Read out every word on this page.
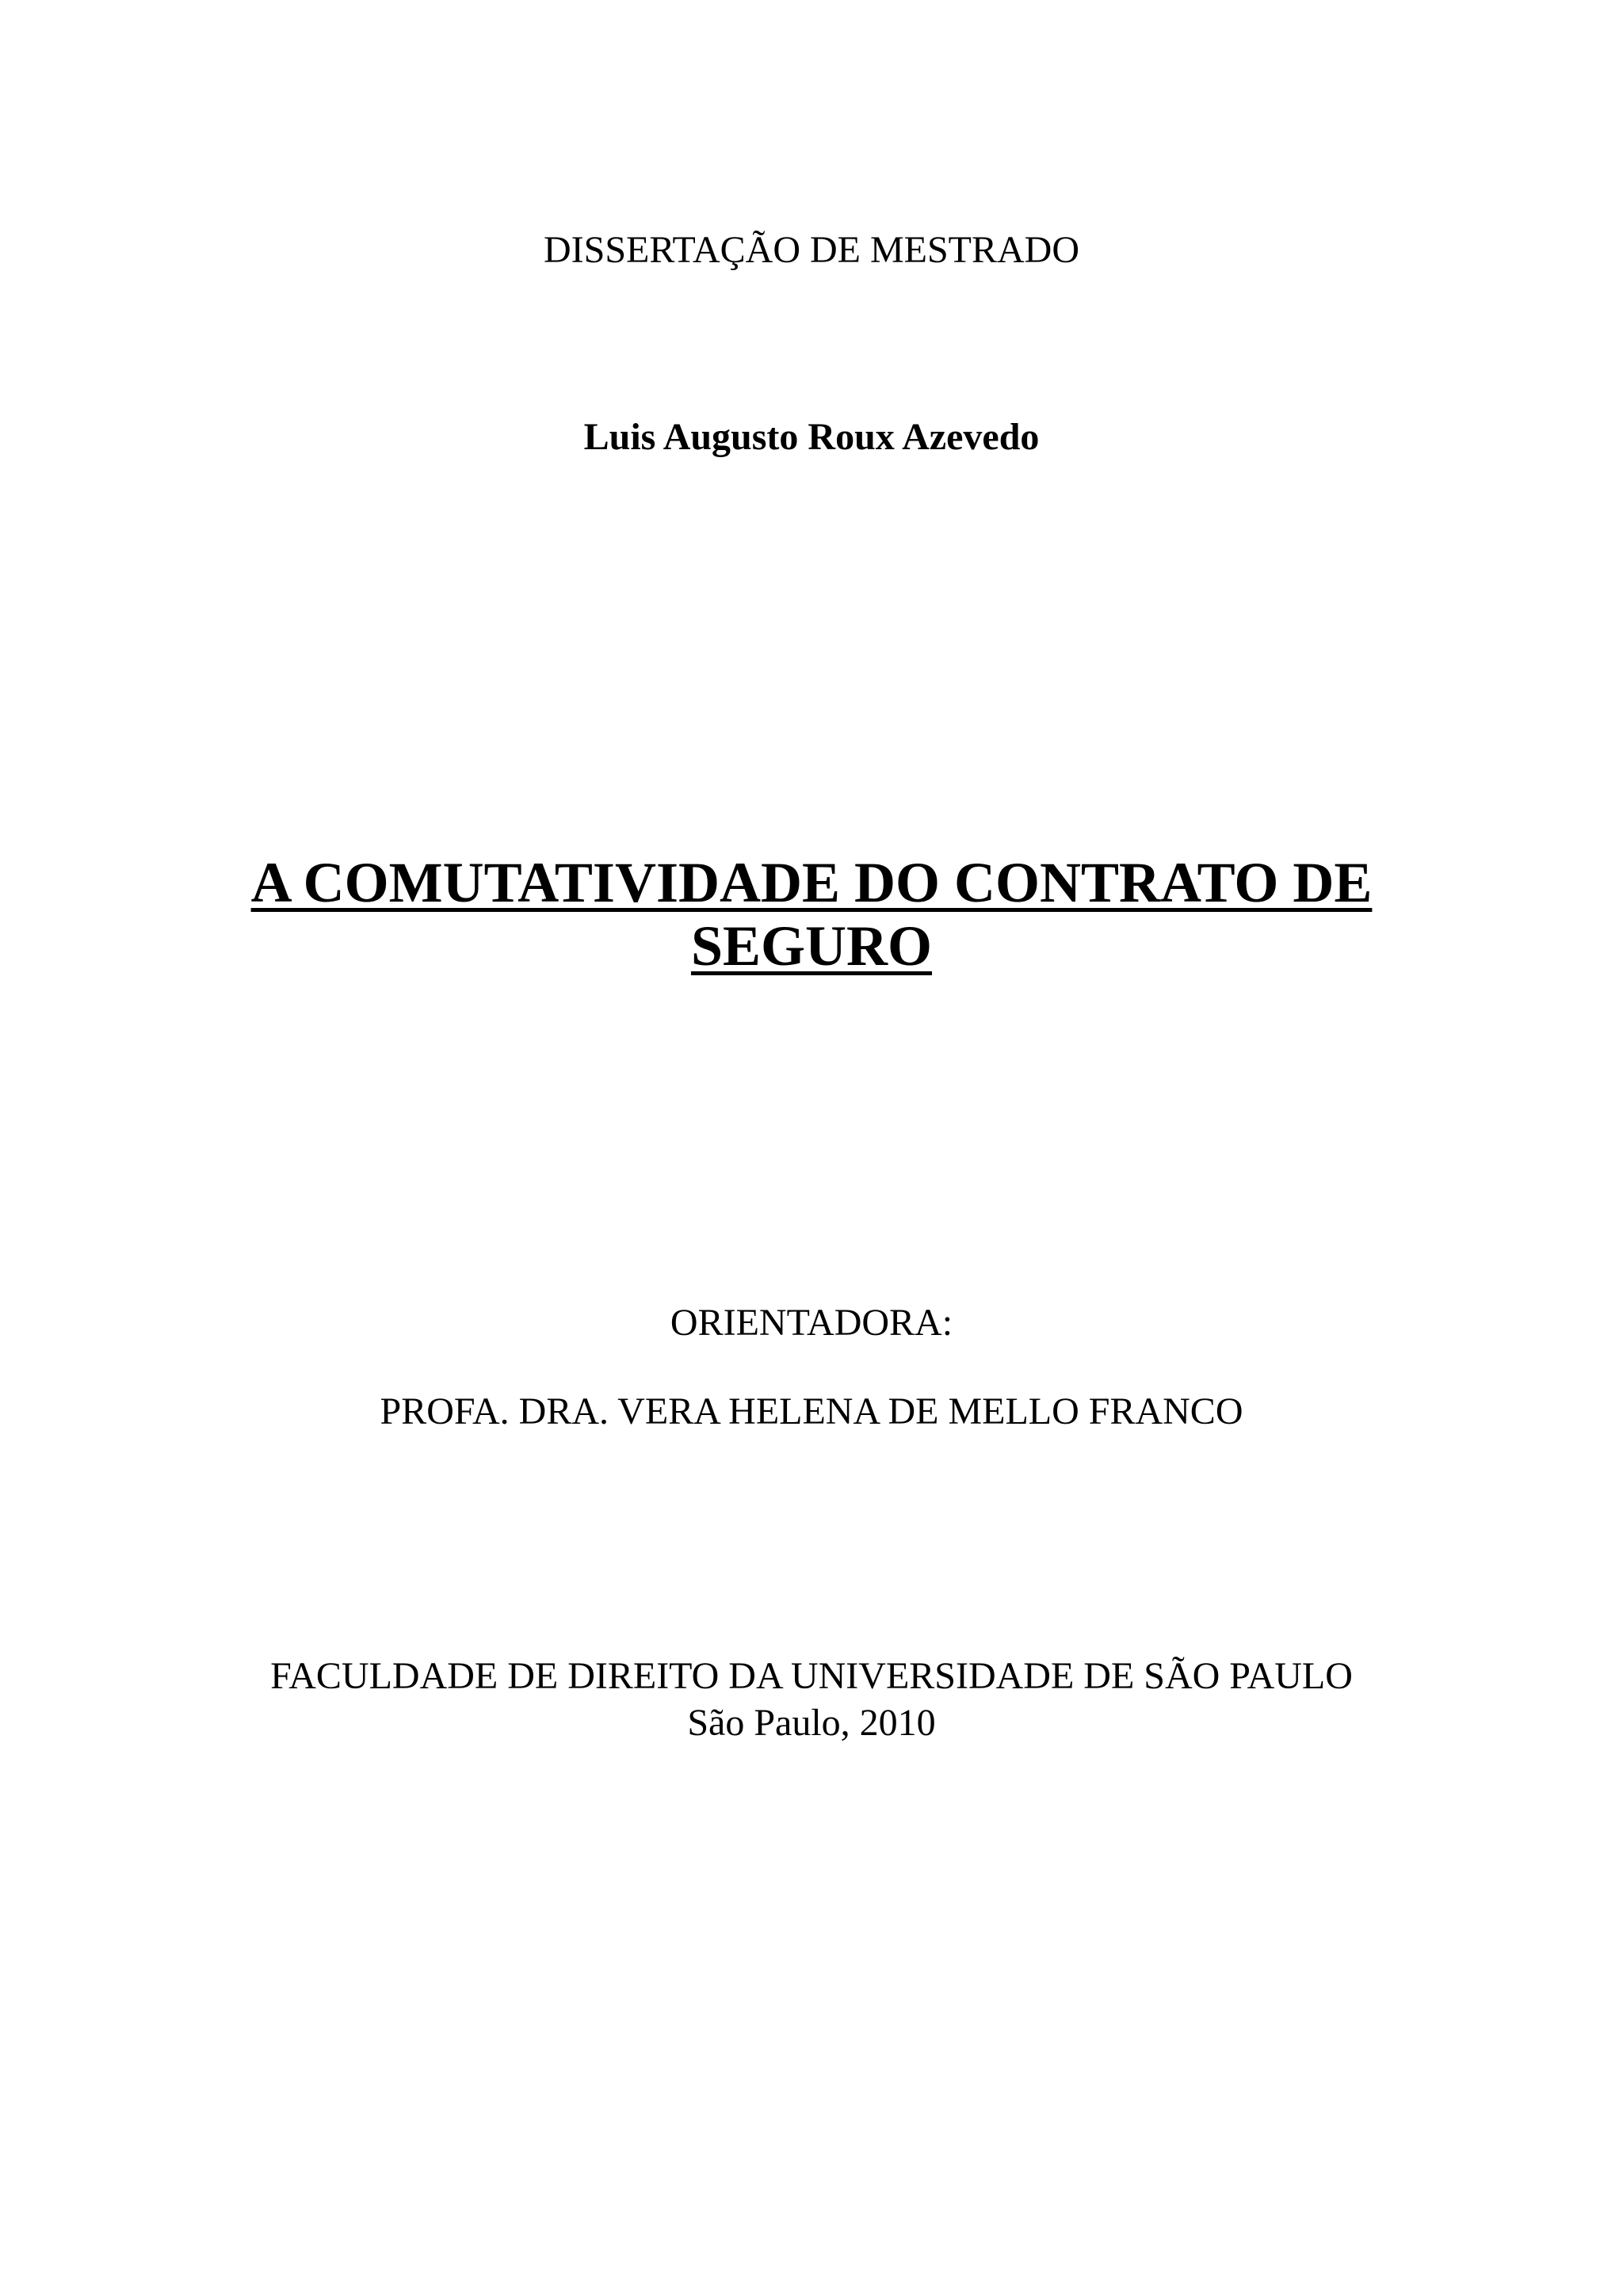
DISSERTAÇÃO DE MESTRADO

Luis Augusto Roux Azevedo

A COMUTATIVIDADE DO CONTRATO DE

SEGURO

ORIENTADORA:

PROFA. DRA. VERA HELENA DE MELLO FRANCO

FACULDADE DE DIREITO DA UNIVERSIDADE DE SÃO PAULO

São Paulo, 2010
